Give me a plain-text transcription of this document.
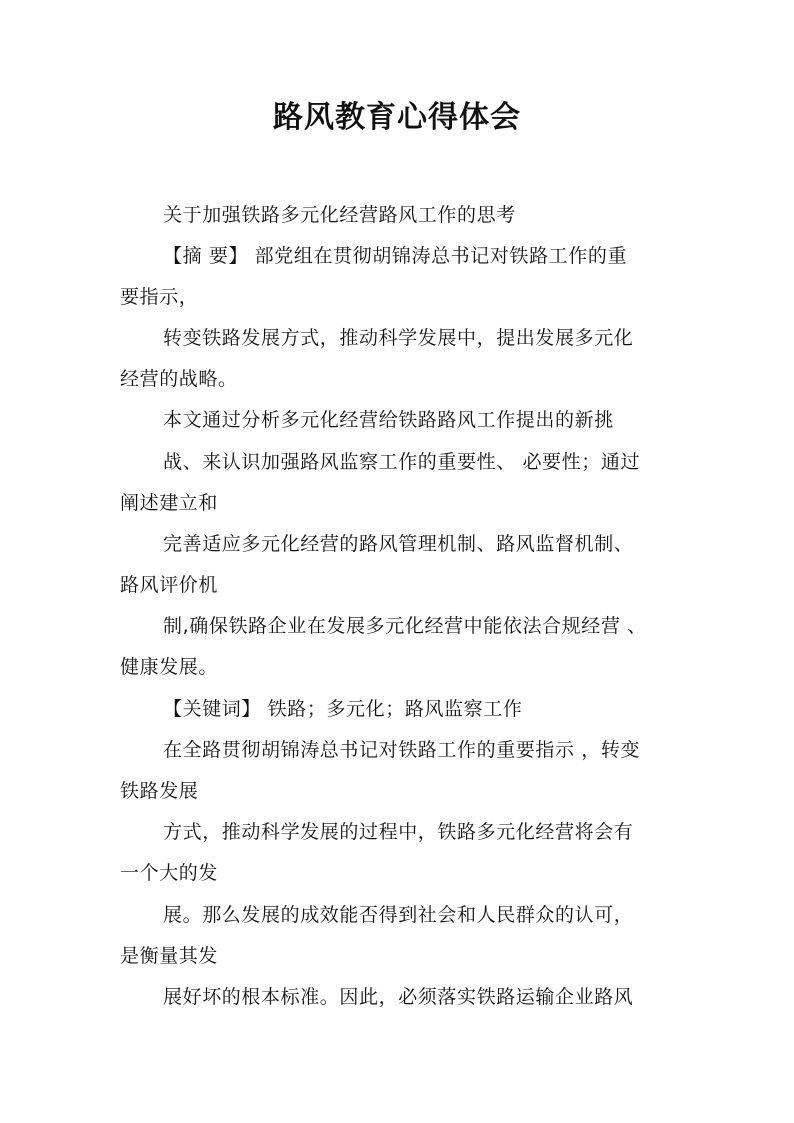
路风教育心得体会
关于加强铁路多元化经营路风工作的思考
【摘 要】 部党组在贯彻胡锦涛总书记对铁路工作的重
要指示，
转变铁路发展方式，推动科学发展中，提出发展多元化
经营的战略。
本文通过分析多元化经营给铁路路风工作提出的新挑
战、来认识加强路风监察工作的重要性、 必要性；通过
阐述建立和
完善适应多元化经营的路风管理机制、路风监督机制、
路风评价机
制,确保铁路企业在发展多元化经营中能依法合规经营 、
健康发展。
【关键词】 铁路；多元化；路风监察工作
在全路贯彻胡锦涛总书记对铁路工作的重要指示 ，转变
铁路发展
方式，推动科学发展的过程中，铁路多元化经营将会有
一个大的发
展。那么发展的成效能否得到社会和人民群众的认可，
是衡量其发
展好坏的根本标准。因此，必须落实铁路运输企业路风
